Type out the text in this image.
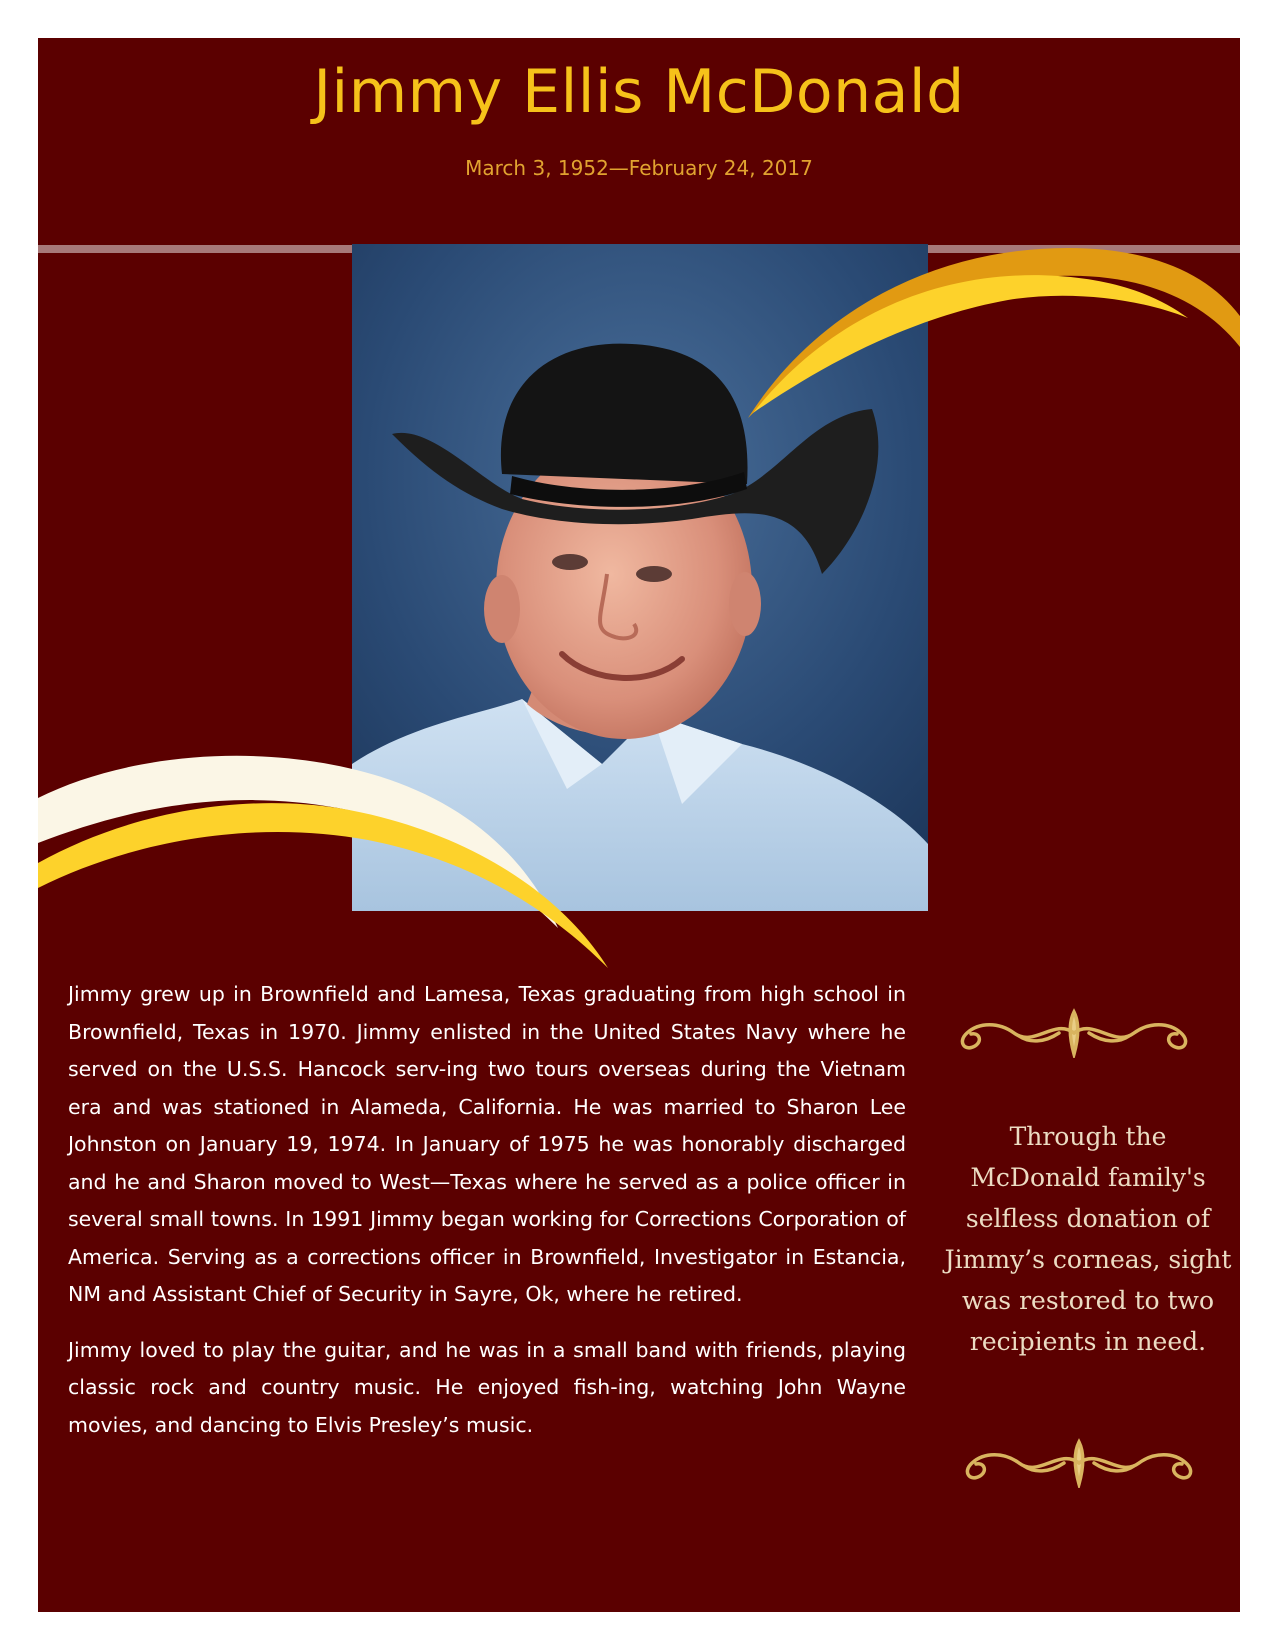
Jimmy Ellis McDonald

March 3, 1952—February 24, 2017

Jimmy grew up in Brownfield and Lamesa, Texas graduating from high school in Brownfield, Texas in 1970. Jimmy enlisted in the United States Navy where he served on the U.S.S. Hancock serv-ing two tours overseas during the Vietnam era and was stationed in Alameda, California. He was married to Sharon Lee Johnston on January 19, 1974. In January of 1975 he was honorably discharged and he and Sharon moved to West—Texas where he served as a police officer in several small towns. In 1991 Jimmy began working for Corrections Corporation of America. Serving as a corrections officer in Brownfield, Investigator in Estancia, NM and Assistant Chief of Security in Sayre, Ok, where he retired.

Jimmy loved to play the guitar, and he was in a small band with friends, playing classic rock and country music. He enjoyed fish-ing, watching John Wayne movies, and dancing to Elvis Presley’s music.

Through the McDonald family's selfless donation of Jimmy’s corneas, sight was restored to two recipients in need.
